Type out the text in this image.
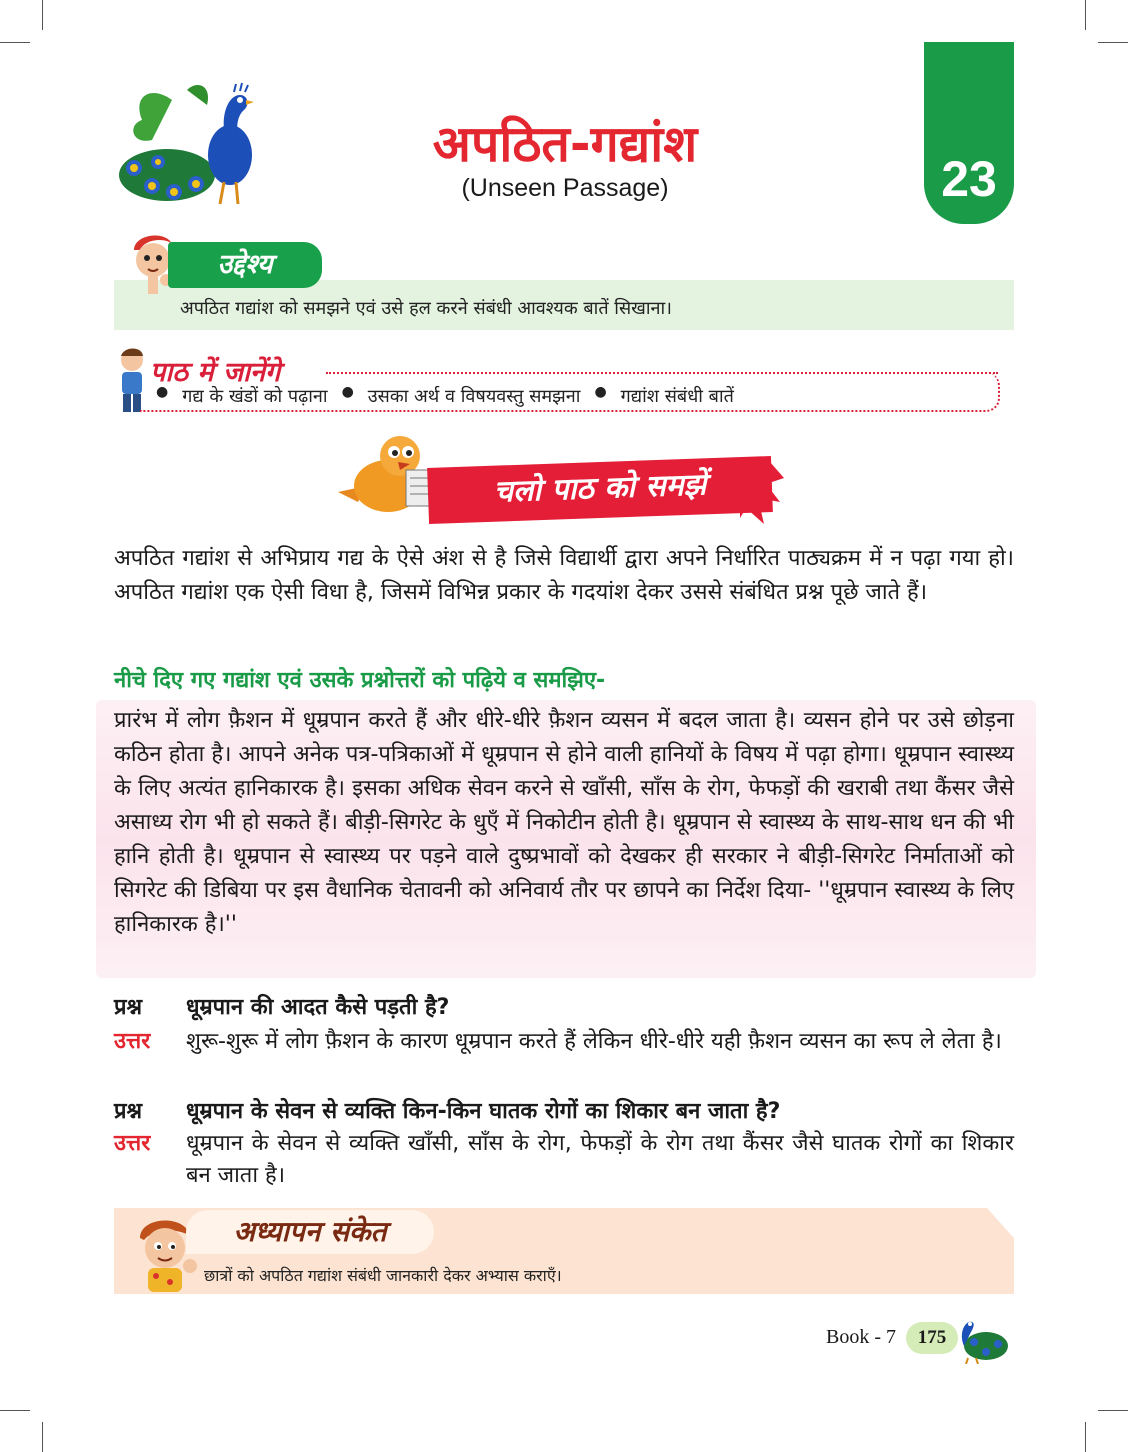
अपठित-गद्यांश
(Unseen Passage)	23
उद्देश्य
अपठित गद्यांश को समझने एवं उसे हल करने संबंधी आवश्यक बातें सिखाना।
पाठ में जानेंगे
● गद्य के खंडों को पढ़ाना ● उसका अर्थ व विषयवस्तु समझना ● गद्यांश संबंधी बातें
चलो पाठ को समझें
अपठित गद्यांश से अभिप्राय गद्य के ऐसे अंश से है जिसे विद्यार्थी द्वारा अपने निर्धारित पाठ्यक्रम में न पढ़ा गया हो। अपठित गद्यांश एक ऐसी विधा है, जिसमें विभिन्न प्रकार के गदयांश देकर उससे संबंधित प्रश्न पूछे जाते हैं।
नीचे दिए गए गद्यांश एवं उसके प्रश्नोत्तरों को पढ़िये व समझिए-
प्रारंभ में लोग फ़ैशन में धूम्रपान करते हैं और धीरे-धीरे फ़ैशन व्यसन में बदल जाता है। व्यसन होने पर उसे छोड़ना कठिन होता है। आपने अनेक पत्र-पत्रिकाओं में धूम्रपान से होने वाली हानियों के विषय में पढ़ा होगा। धूम्रपान स्वास्थ्य के लिए अत्यंत हानिकारक है। इसका अधिक सेवन करने से खाँसी, साँस के रोग, फेफड़ों की खराबी तथा कैंसर जैसे असाध्य रोग भी हो सकते हैं। बीड़ी-सिगरेट के धुएँ में निकोटीन होती है। धूम्रपान से स्वास्थ्य के साथ-साथ धन की भी हानि होती है। धूम्रपान से स्वास्थ्य पर पड़ने वाले दुष्प्रभावों को देखकर ही सरकार ने बीड़ी-सिगरेट निर्माताओं को सिगरेट की डिबिया पर इस वैधानिक चेतावनी को अनिवार्य तौर पर छापने का निर्देश दिया- ''धूम्रपान स्वास्थ्य के लिए हानिकारक है।''
प्रश्न धूम्रपान की आदत कैसे पड़ती है?
उत्तर शुरू-शुरू में लोग फ़ैशन के कारण धूम्रपान करते हैं लेकिन धीरे-धीरे यही फ़ैशन व्यसन का रूप ले लेता है।
प्रश्न धूम्रपान के सेवन से व्यक्ति किन-किन घातक रोगों का शिकार बन जाता है?
उत्तर धूम्रपान के सेवन से व्यक्ति खाँसी, साँस के रोग, फेफड़ों के रोग तथा कैंसर जैसे घातक रोगों का शिकार बन जाता है।
अध्यापन संकेत
छात्रों को अपठित गद्यांश संबंधी जानकारी देकर अभ्यास कराएँ।
Book - 7	175
